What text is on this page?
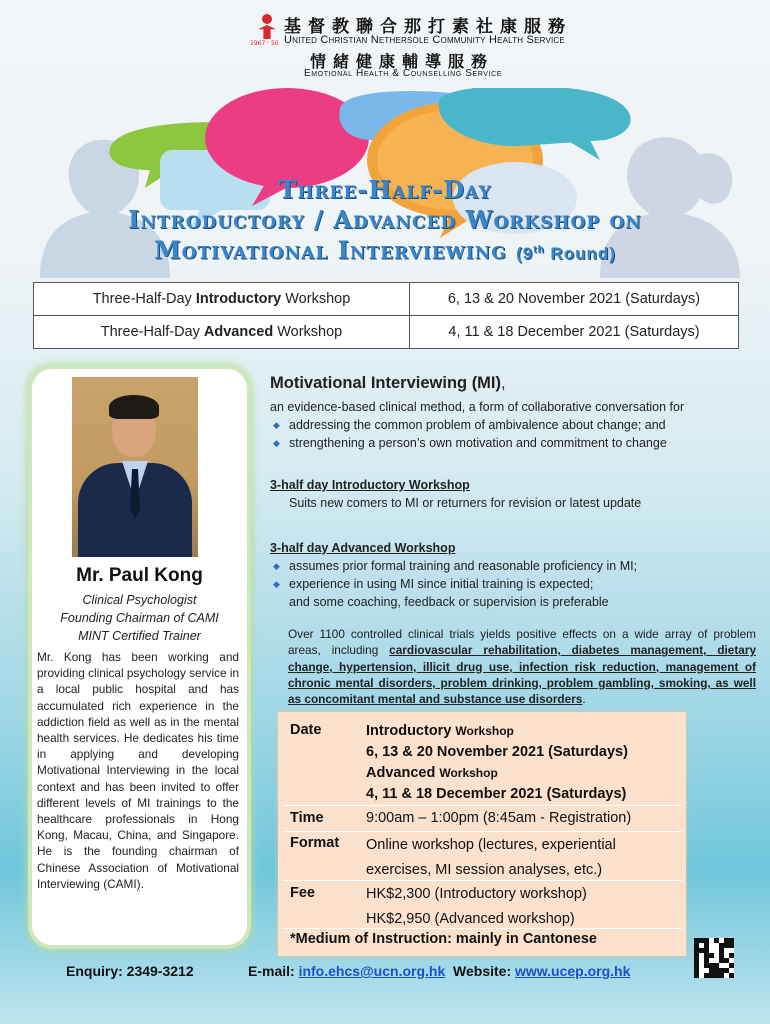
1967 · 50
基督教聯合那打素社康服務
United Christian Nethersole Community Health Service
情緒健康輔導服務
Emotional Health & Counselling Service
Three-Half-Day
Introductory / Advanced Workshop on
Motivational Interviewing (9th Round)
Three-Half-Day Introductory Workshop	6, 13 & 20 November 2021 (Saturdays)
Three-Half-Day Advanced Workshop	4, 11 & 18 December 2021 (Saturdays)
Mr. Paul Kong
Clinical Psychologist
Founding Chairman of CAMI
MINT Certified Trainer
Mr. Kong has been working and providing clinical psychology service in a local public hospital and has accumulated rich experience in the addiction field as well as in the mental health services. He dedicates his time in applying and developing Motivational Interviewing in the local context and has been invited to offer different levels of MI trainings to the healthcare professionals in Hong Kong, Macau, China, and Singapore. He is the founding chairman of Chinese Association of Motivational Interviewing (CAMI).
Motivational Interviewing (MI),
an evidence-based clinical method, a form of collaborative conversation for
◆ addressing the common problem of ambivalence about change; and
◆ strengthening a person’s own motivation and commitment to change
3-half day Introductory Workshop
Suits new comers to MI or returners for revision or latest update
3-half day Advanced Workshop
◆ assumes prior formal training and reasonable proficiency in MI;
◆ experience in using MI since initial training is expected;
and some coaching, feedback or supervision is preferable
Over 1100 controlled clinical trials yields positive effects on a wide array of problem areas, including cardiovascular rehabilitation, diabetes management, dietary change, hypertension, illicit drug use, infection risk reduction, management of chronic mental disorders, problem drinking, problem gambling, smoking, as well as concomitant mental and substance use disorders.
Date	Introductory Workshop
6, 13 & 20 November 2021 (Saturdays)
Advanced Workshop
4, 11 & 18 December 2021 (Saturdays)
Time	9:00am – 1:00pm (8:45am - Registration)
Format Online workshop (lectures, experiential
exercises, MI session analyses, etc.)
Fee	HK$2,300 (Introductory workshop)
HK$2,950 (Advanced workshop)
*Medium of Instruction: mainly in Cantonese
Enquiry: 2349-3212	E-mail: info.ehcs@ucn.org.hk Website: www.ucep.org.hk
